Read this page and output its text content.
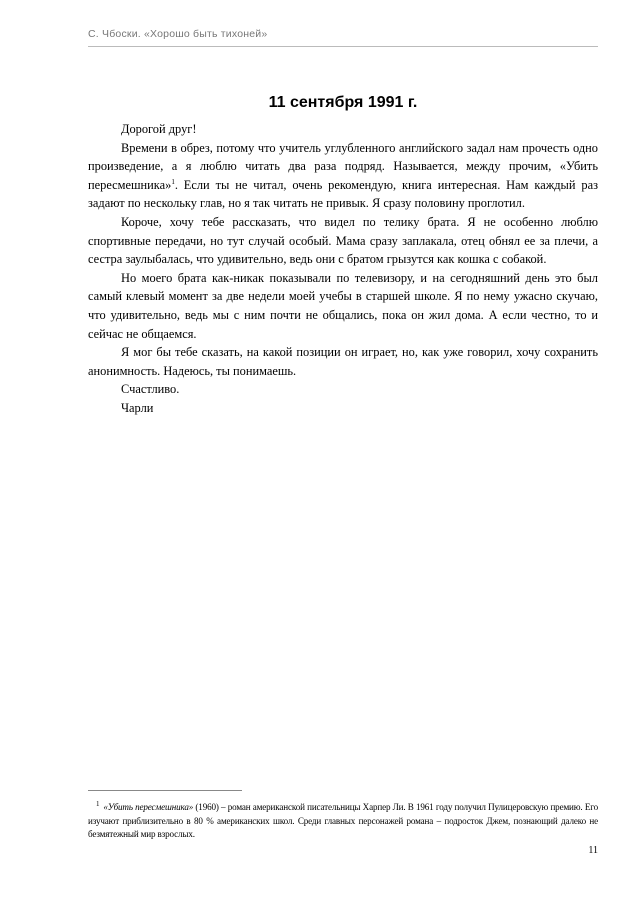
С. Чбоски. «Хорошо быть тихоней»
11 сентября 1991 г.

Дорогой друг!

Времени в обрез, потому что учитель углубленного английского задал нам прочесть одно произведение, а я люблю читать два раза подряд. Называется, между прочим, «Убить пересмешника»$^1$. Если ты не читал, очень рекомендую, книга интересная. Нам каждый раз задают по нескольку глав, но я так читать не привык. Я сразу половину проглотил.

Короче, хочу тебе рассказать, что видел по телику брата. Я не особенно люблю спортивные передачи, но тут случай особый. Мама сразу заплакала, отец обнял ее за плечи, а сестра заулыбалась, что удивительно, ведь они с братом грызутся как кошка с собакой.

Но моего брата как-никак показывали по телевизору, и на сегодняшний день это был самый клевый момент за две недели моей учебы в старшей школе. Я по нему ужасно скучаю, что удивительно, ведь мы с ним почти не общались, пока он жил дома. А если честно, то и сейчас не общаемся.

Я мог бы тебе сказать, на какой позиции он играет, но, как уже говорил, хочу сохранить анонимность. Надеюсь, ты понимаешь.

Счастливо.

Чарли

$^1$ «Убить пересмешника» (1960) – роман американской писательницы Харпер Ли. В 1961 году получил Пулицеровскую премию. Его изучают приблизительно в 80 % американских школ. Среди главных персонажей романа – подросток Джем, познающий далеко не безмятежный мир взрослых.

11
